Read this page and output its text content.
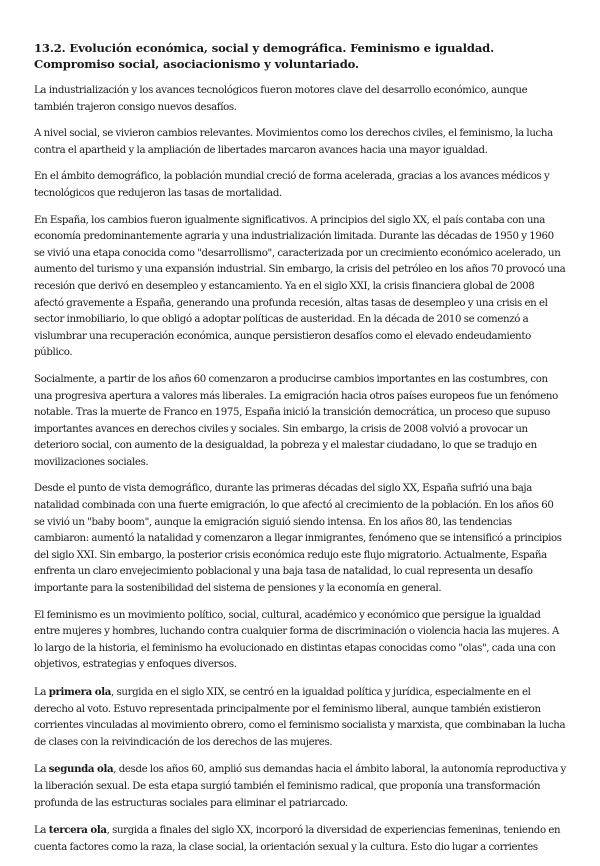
13.2. Evolución económica, social y demográfica. Feminismo e igualdad. Compromiso social, asociacionismo y voluntariado.

La industrialización y los avances tecnológicos fueron motores clave del desarrollo económico, aunque también trajeron consigo nuevos desafíos.

A nivel social, se vivieron cambios relevantes. Movimientos como los derechos civiles, el feminismo, la lucha contra el apartheid y la ampliación de libertades marcaron avances hacia una mayor igualdad.

En el ámbito demográfico, la población mundial creció de forma acelerada, gracias a los avances médicos y tecnológicos que redujeron las tasas de mortalidad.

En España, los cambios fueron igualmente significativos. A principios del siglo XX, el país contaba con una economía predominantemente agraria y una industrialización limitada. Durante las décadas de 1950 y 1960 se vivió una etapa conocida como "desarrollismo", caracterizada por un crecimiento económico acelerado, un aumento del turismo y una expansión industrial. Sin embargo, la crisis del petróleo en los años 70 provocó una recesión que derivó en desempleo y estancamiento. Ya en el siglo XXI, la crisis financiera global de 2008 afectó gravemente a España, generando una profunda recesión, altas tasas de desempleo y una crisis en el sector inmobiliario, lo que obligó a adoptar políticas de austeridad. En la década de 2010 se comenzó a vislumbrar una recuperación económica, aunque persistieron desafíos como el elevado endeudamiento público.

Socialmente, a partir de los años 60 comenzaron a producirse cambios importantes en las costumbres, con una progresiva apertura a valores más liberales. La emigración hacia otros países europeos fue un fenómeno notable. Tras la muerte de Franco en 1975, España inició la transición democrática, un proceso que supuso importantes avances en derechos civiles y sociales. Sin embargo, la crisis de 2008 volvió a provocar un deterioro social, con aumento de la desigualdad, la pobreza y el malestar ciudadano, lo que se tradujo en movilizaciones sociales.

Desde el punto de vista demográfico, durante las primeras décadas del siglo XX, España sufrió una baja natalidad combinada con una fuerte emigración, lo que afectó al crecimiento de la población. En los años 60 se vivió un "baby boom", aunque la emigración siguió siendo intensa. En los años 80, las tendencias cambiaron: aumentó la natalidad y comenzaron a llegar inmigrantes, fenómeno que se intensificó a principios del siglo XXI. Sin embargo, la posterior crisis económica redujo este flujo migratorio. Actualmente, España enfrenta un claro envejecimiento poblacional y una baja tasa de natalidad, lo cual representa un desafío importante para la sostenibilidad del sistema de pensiones y la economía en general.

El feminismo es un movimiento político, social, cultural, académico y económico que persigue la igualdad entre mujeres y hombres, luchando contra cualquier forma de discriminación o violencia hacia las mujeres. A lo largo de la historia, el feminismo ha evolucionado en distintas etapas conocidas como "olas", cada una con objetivos, estrategias y enfoques diversos.

La primera ola, surgida en el siglo XIX, se centró en la igualdad política y jurídica, especialmente en el derecho al voto. Estuvo representada principalmente por el feminismo liberal, aunque también existieron corrientes vinculadas al movimiento obrero, como el feminismo socialista y marxista, que combinaban la lucha de clases con la reivindicación de los derechos de las mujeres.

La segunda ola, desde los años 60, amplió sus demandas hacia el ámbito laboral, la autonomía reproductiva y la liberación sexual. De esta etapa surgió también el feminismo radical, que proponía una transformación profunda de las estructuras sociales para eliminar el patriarcado.

La tercera ola, surgida a finales del siglo XX, incorporó la diversidad de experiencias femeninas, teniendo en cuenta factores como la raza, la clase social, la orientación sexual y la cultura. Esto dio lugar a corrientes
